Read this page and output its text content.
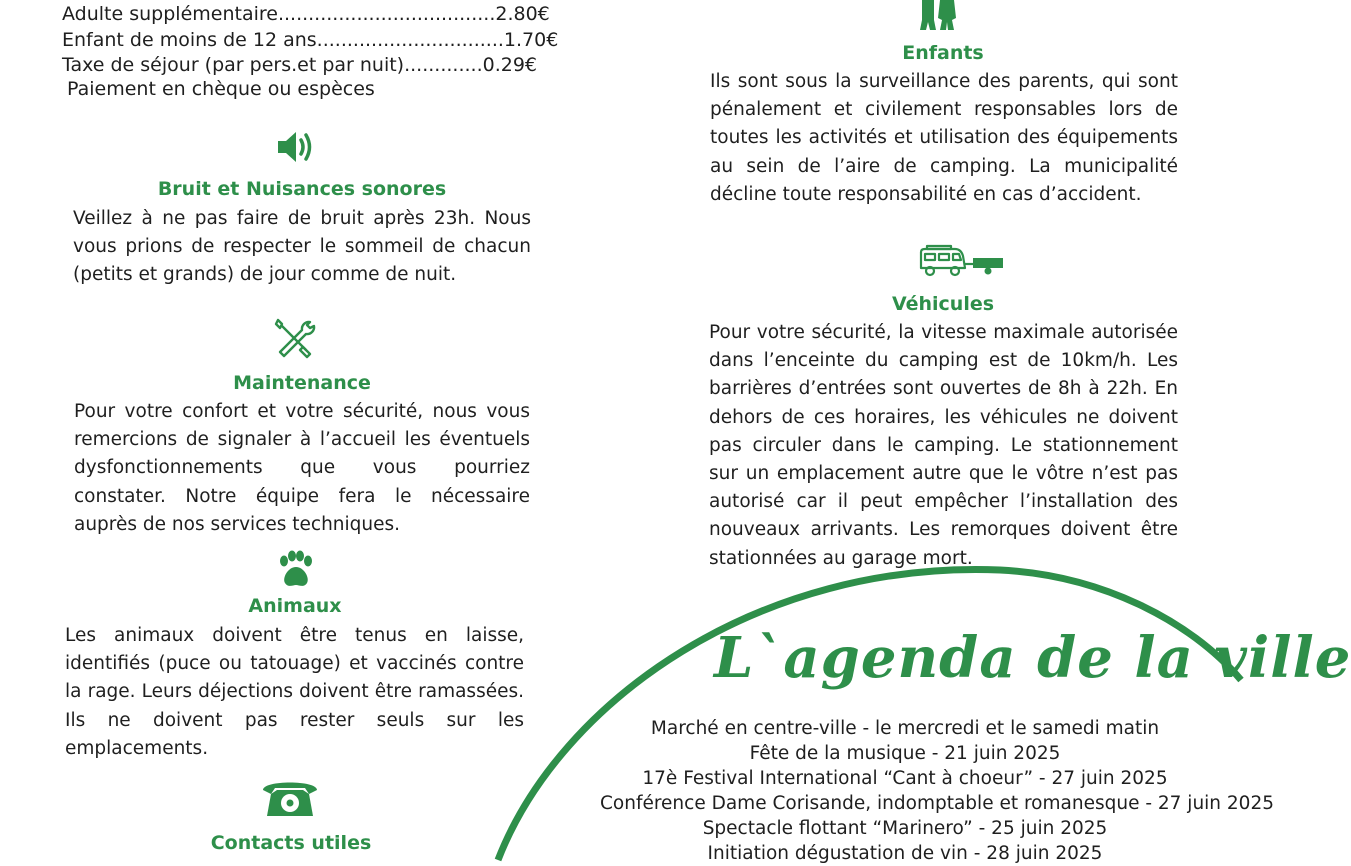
Adulte supplémentaire....................................2.80€
Enfant de moins de 12 ans...............................1.70€
Taxe de séjour (par pers.et par nuit).............0.29€
Paiement en chèque ou espèces
Bruit et Nuisances sonores
Veillez à ne pas faire de bruit après 23h. Nous vous prions de respecter le sommeil de chacun (petits et grands) de jour comme de nuit.
Maintenance
Pour votre confort et votre sécurité, nous vous remercions de signaler à l’accueil les éventuels dysfonctionnements que vous pourriez constater. Notre équipe fera le nécessaire auprès de nos services techniques.
Animaux
Les animaux doivent être tenus en laisse, identifiés (puce ou tatouage) et vaccinés contre la rage. Leurs déjections doivent être ramassées. Ils ne doivent pas rester seuls sur les emplacements.
Contacts utiles
Enfants
Ils sont sous la surveillance des parents, qui sont pénalement et civilement responsables lors de toutes les activités et utilisation des équipements au sein de l’aire de camping. La municipalité décline toute responsabilité en cas d’accident.
Véhicules
Pour votre sécurité, la vitesse maximale autorisée dans l’enceinte du camping est de 10km/h. Les barrières d’entrées sont ouvertes de 8h à 22h. En dehors de ces horaires, les véhicules ne doivent pas circuler dans le camping. Le stationnement sur un emplacement autre que le vôtre n’est pas autorisé car il peut empêcher l’installation des nouveaux arrivants. Les remorques doivent être stationnées au garage mort.
L`agenda de la ville
Marché en centre-ville - le mercredi et le samedi matin
Fête de la musique - 21 juin 2025
17è Festival International “Cant à choeur” - 27 juin 2025
Conférence Dame Corisande, indomptable et romanesque - 27 juin 2025
Spectacle flottant “Marinero” - 25 juin 2025
Initiation dégustation de vin - 28 juin 2025
